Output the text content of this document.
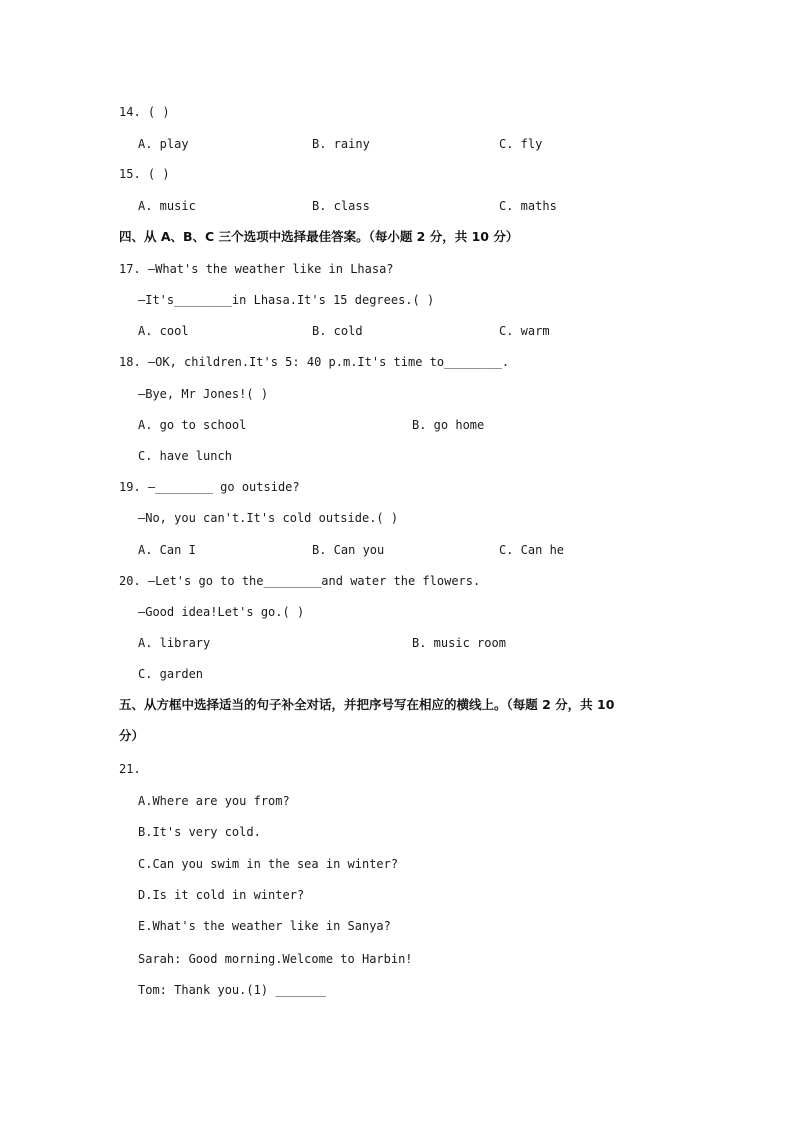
14. ( )
A. play	B. rainy	C. fly
15. ( )
A. music	B. class	C. maths
四、从 A、B、C 三个选项中选择最佳答案。（每小题 2 分，共 10 分）
17. —What's the weather like in Lhasa?
—It's________in Lhasa.It's 15 degrees.( )
A. cool	B. cold	C. warm
18. —OK, children.It's 5: 40 p.m.It's time to________.
—Bye, Mr Jones!( )
A. go to school	B. go home
C. have lunch
19. —________ go outside?
—No, you can't.It's cold outside.( )
A. Can I	B. Can you	C. Can he
20. —Let's go to the________and water the flowers.
—Good idea!Let's go.( )
A. library	B. music room
C. garden
五、从方框中选择适当的句子补全对话，并把序号写在相应的横线上。（每题 2 分，共 10
分）
21.
A.Where are you from?
B.It's very cold.
C.Can you swim in the sea in winter?
D.Is it cold in winter?
E.What's the weather like in Sanya?
Sarah: Good morning.Welcome to Harbin!
Tom: Thank you.(1) _______
